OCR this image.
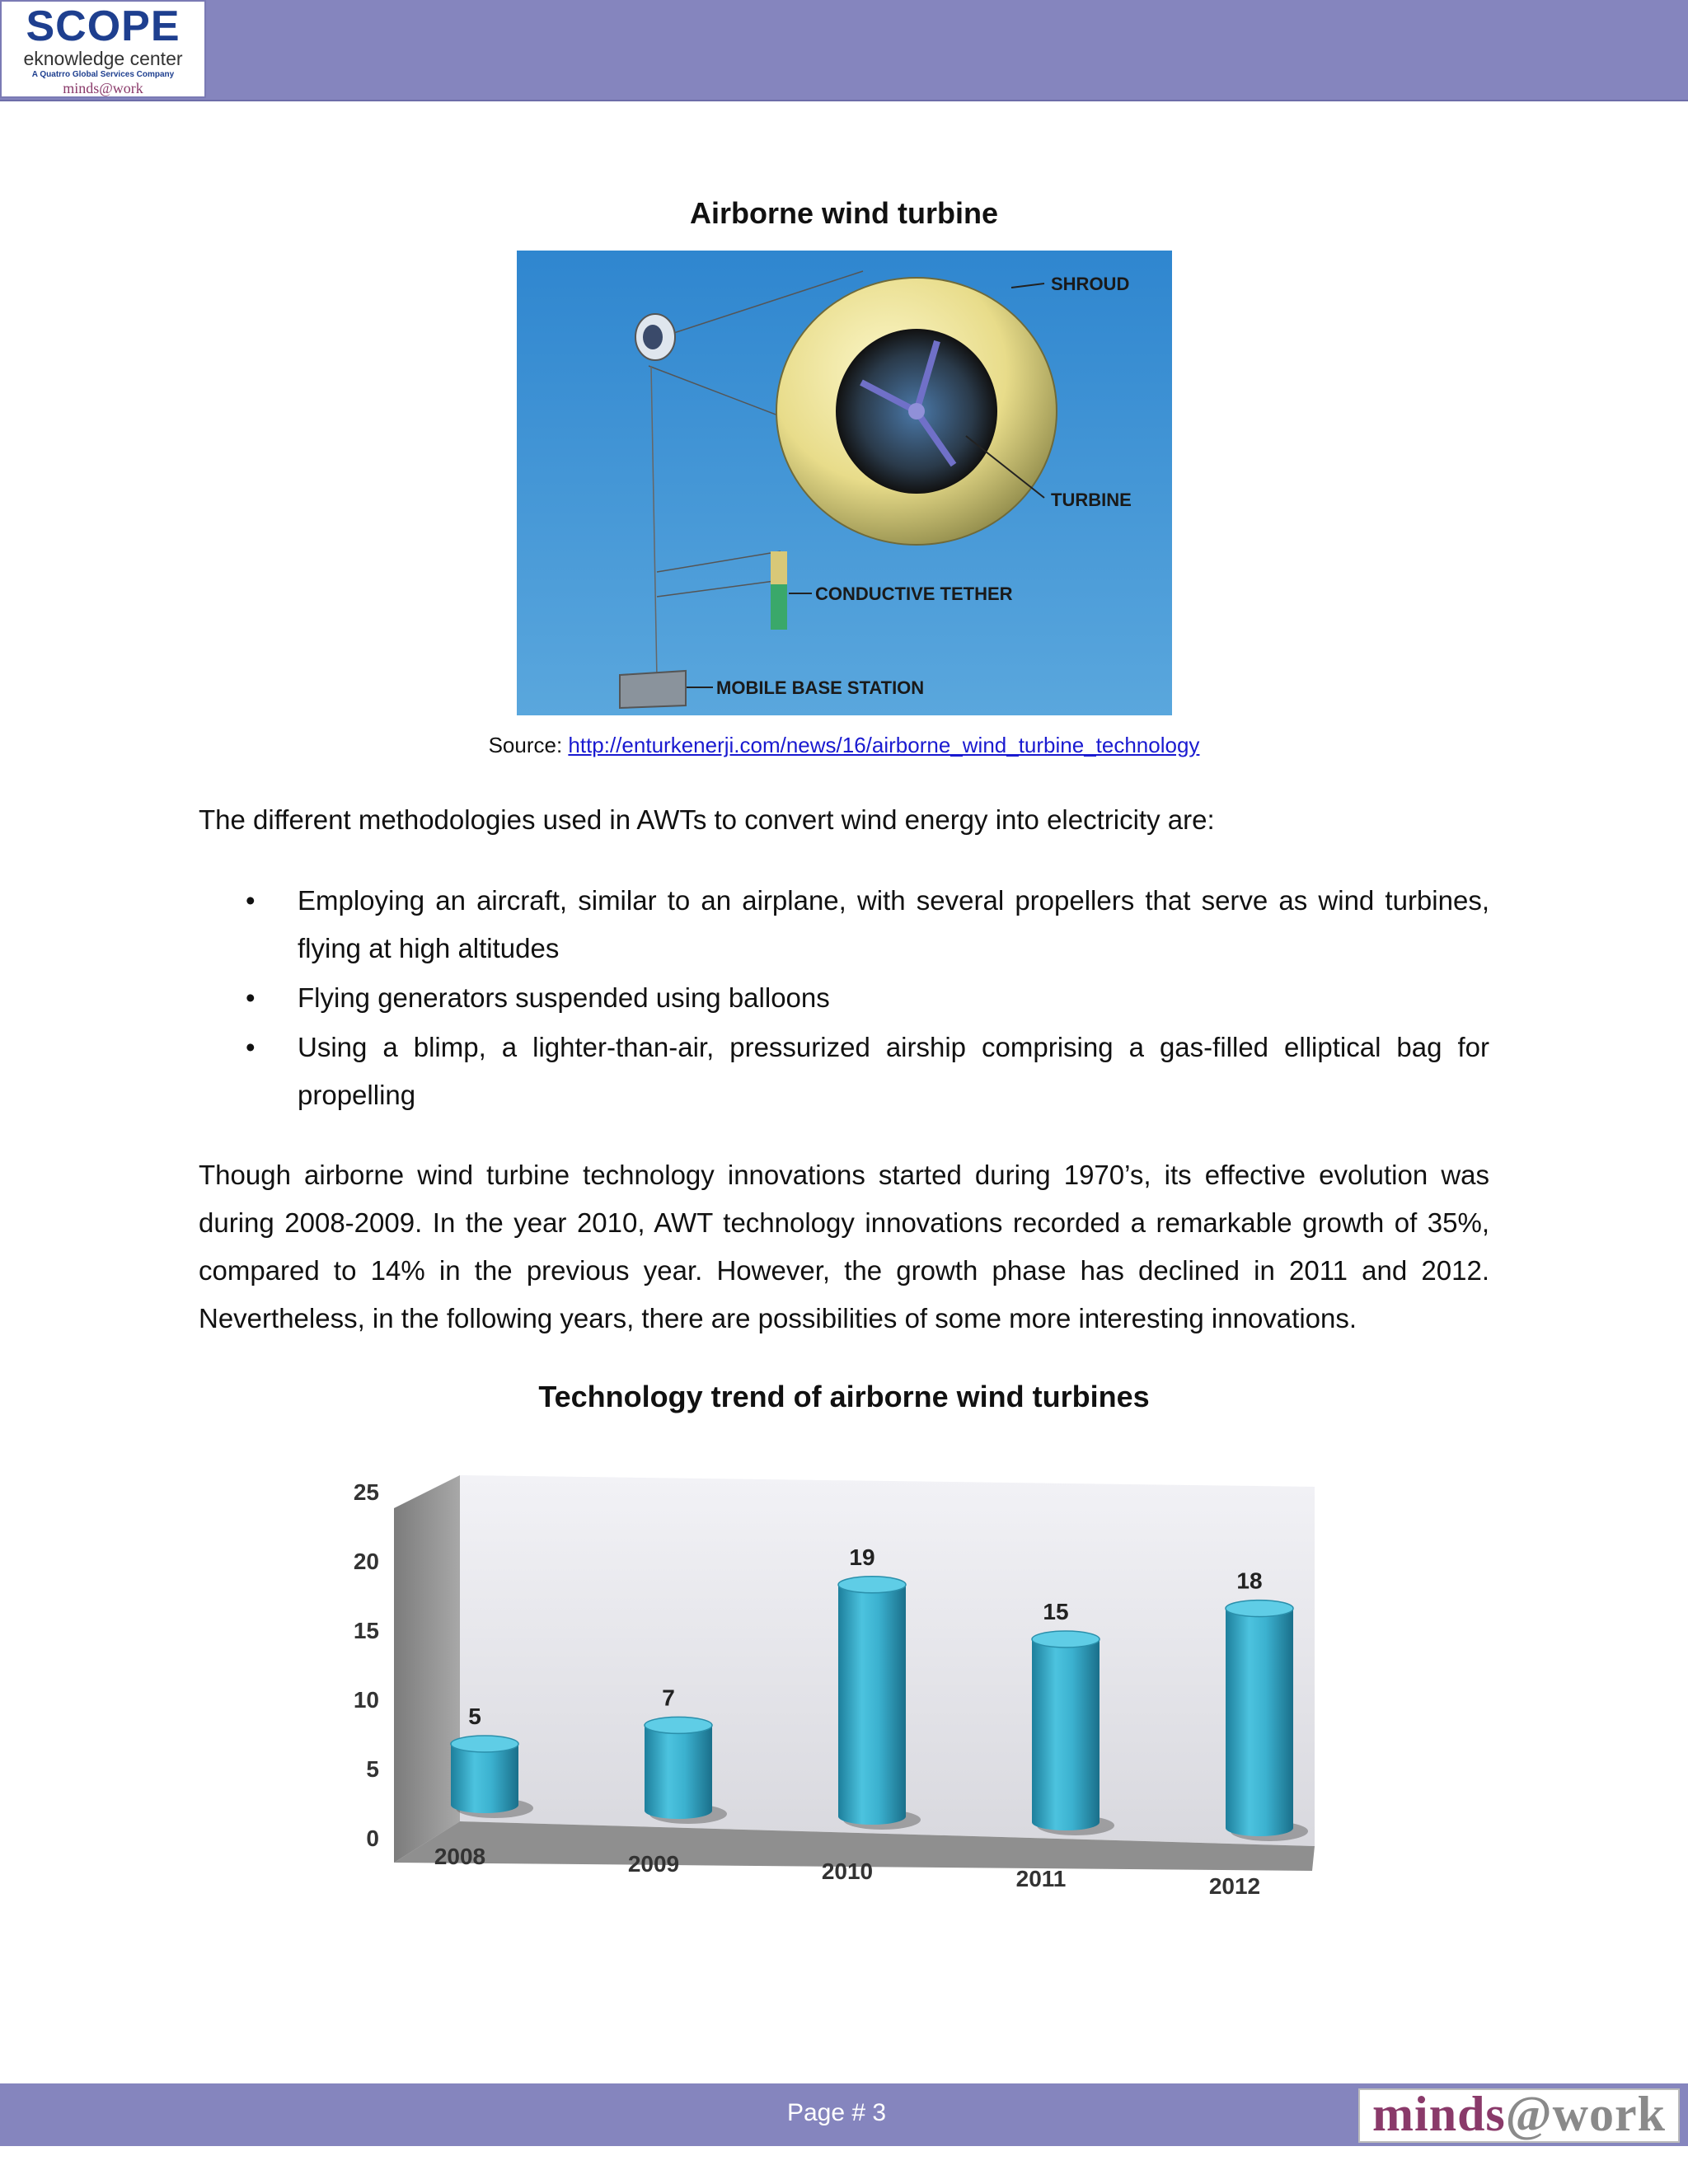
SCOPE
eknowledge center
A Quatrro Global Services Company
minds@work
Airborne wind turbine
SHROUD
TURBINE
CONDUCTIVE TETHER
MOBILE BASE STATION
Source: http://enturkenerji.com/news/16/airborne_wind_turbine_technology
The different methodologies used in AWTs to convert wind energy into electricity are:
• Employing an aircraft, similar to an airplane, with several propellers that serve as wind turbines, flying at high altitudes
• Flying generators suspended using balloons
• Using a blimp, a lighter-than-air, pressurized airship comprising a gas-filled elliptical bag for propelling
Though airborne wind turbine technology innovations started during 1970’s, its effective evolution was during 2008-2009. In the year 2010, AWT technology innovations recorded a remarkable growth of 35%, compared to 14% in the previous year. However, the growth phase has declined in 2011 and 2012. Nevertheless, in the following years, there are possibilities of some more interesting innovations.
Technology trend of airborne wind turbines
0
5
10
15
20
25
5
2008
7
2009
19
2010
15
2011
18
2012
Page # 3	minds@work
